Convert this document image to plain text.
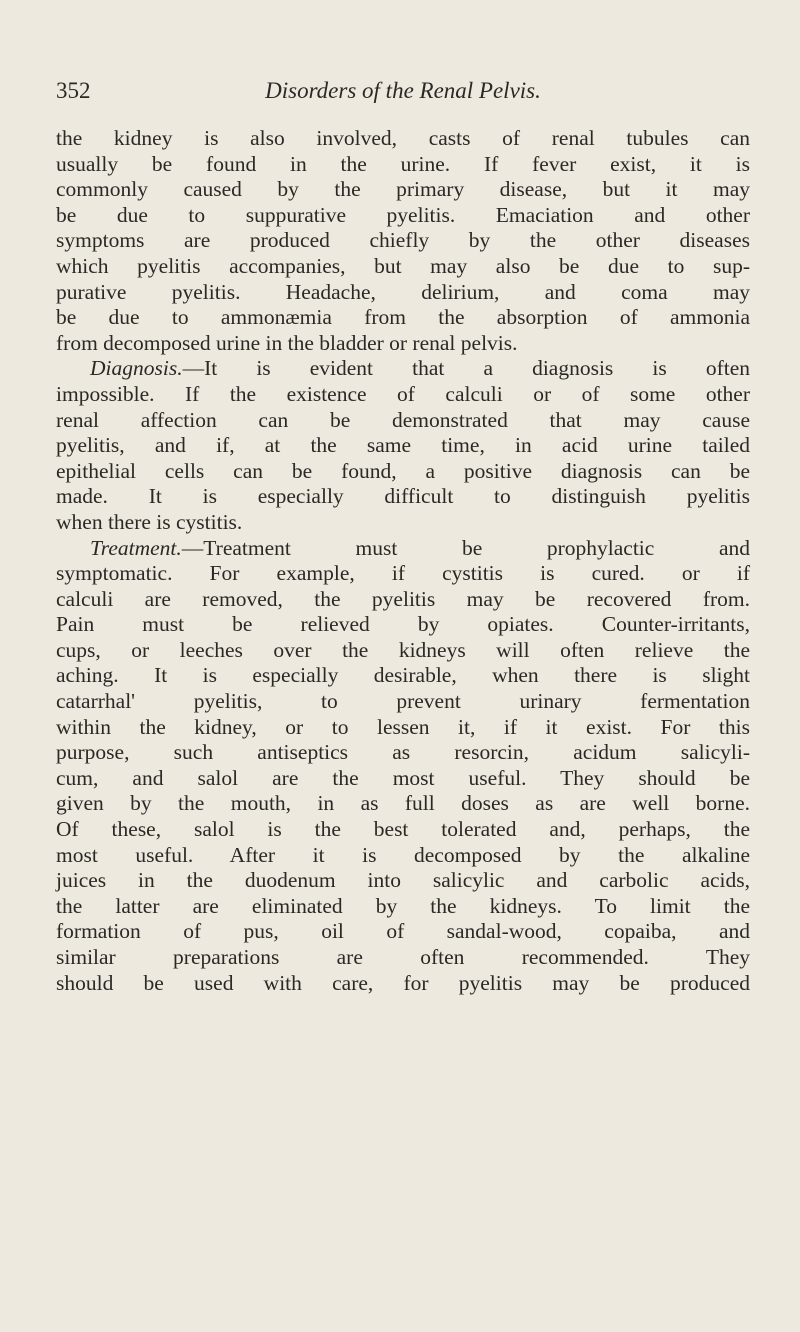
352	Disorders of the Renal Pelvis.
the kidney is also involved, casts of renal tubules can
usually be found in the urine. If fever exist, it is
commonly caused by the primary disease, but it may
be due to suppurative pyelitis. Emaciation and other
symptoms are produced chiefly by the other diseases
which pyelitis accompanies, but may also be due to sup-
purative pyelitis. Headache, delirium, and coma may
be due to ammonæmia from the absorption of ammonia
from decomposed urine in the bladder or renal pelvis.
Diagnosis.—It is evident that a diagnosis is often
impossible. If the existence of calculi or of some other
renal affection can be demonstrated that may cause
pyelitis, and if, at the same time, in acid urine tailed
epithelial cells can be found, a positive diagnosis can be
made. It is especially difficult to distinguish pyelitis
when there is cystitis.
Treatment.—Treatment must be prophylactic and
symptomatic. For example, if cystitis is cured. or if
calculi are removed, the pyelitis may be recovered from.
Pain must be relieved by opiates. Counter-irritants,
cups, or leeches over the kidneys will often relieve the
aching. It is especially desirable, when there is slight
catarrhal' pyelitis, to prevent urinary fermentation
within the kidney, or to lessen it, if it exist. For this
purpose, such antiseptics as resorcin, acidum salicyli-
cum, and salol are the most useful. They should be
given by the mouth, in as full doses as are well borne.
Of these, salol is the best tolerated and, perhaps, the
most useful. After it is decomposed by the alkaline
juices in the duodenum into salicylic and carbolic acids,
the latter are eliminated by the kidneys. To limit the
formation of pus, oil of sandal-wood, copaiba, and
similar preparations are often recommended. They
should be used with care, for pyelitis may be produced
